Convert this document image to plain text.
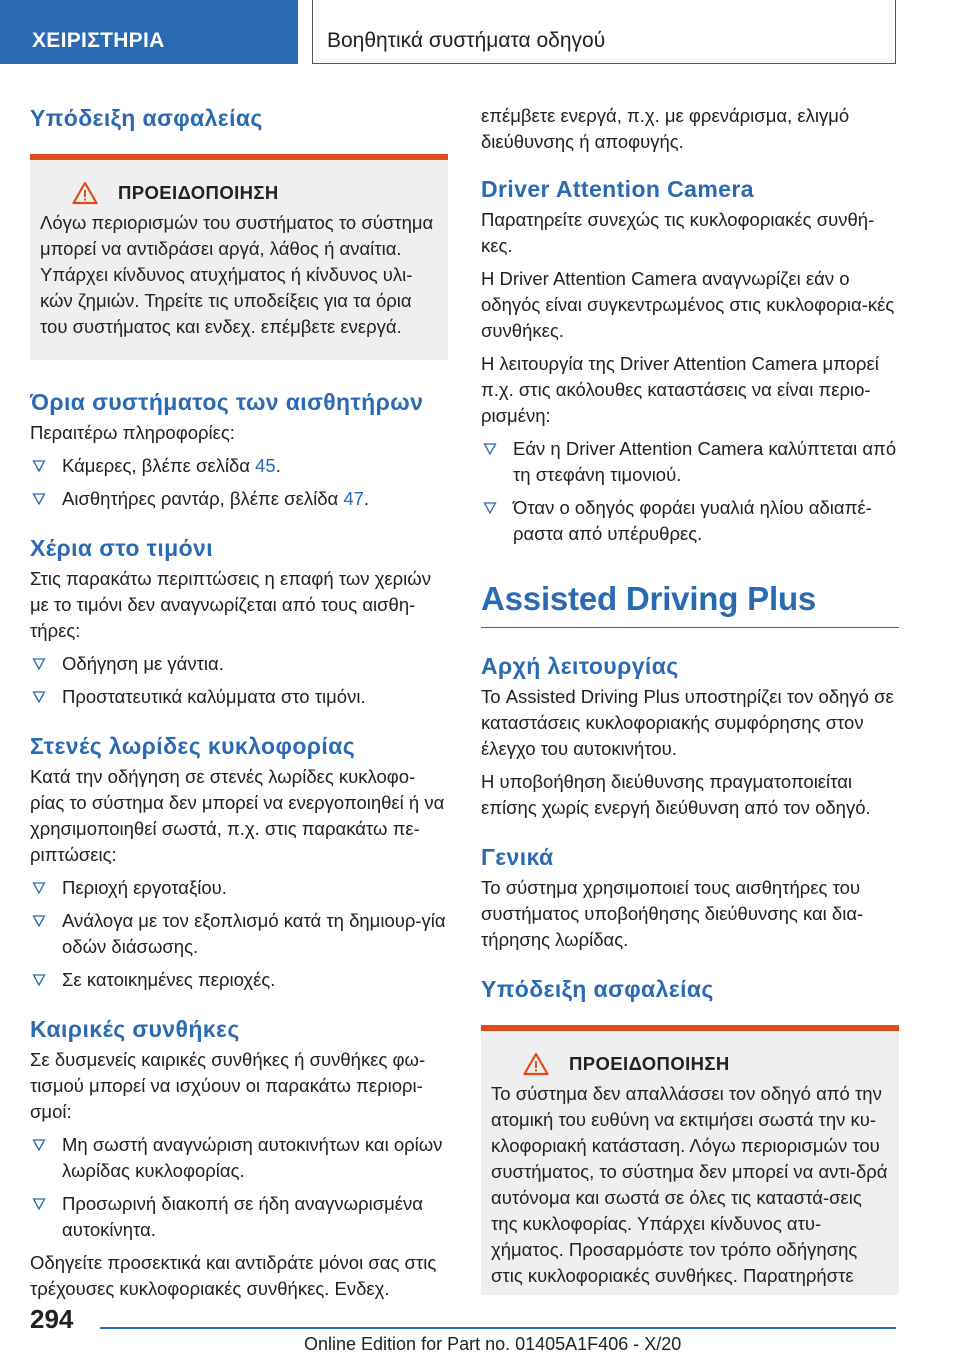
ΧΕΙΡΙΣΤΗΡΙΑ	Βοηθητικά συστήματα οδηγού
Υπόδειξη ασφαλείας
ΠΡΟΕΙΔΟΠΟΙΗΣΗ
Λόγω περιορισμών του συστήματος το σύστημα μπορεί να αντιδράσει αργά, λάθος ή αναίτια. Υπάρχει κίνδυνος ατυχήματος ή κίνδυνος υλι-κών ζημιών. Τηρείτε τις υποδείξεις για τα όρια του συστήματος και ενδεχ. επέμβετε ενεργά.
Όρια συστήματος των αισθητήρων
Περαιτέρω πληροφορίες:
Κάμερες, βλέπε σελίδα 45.
Αισθητήρες ραντάρ, βλέπε σελίδα 47.
Χέρια στο τιμόνι
Στις παρακάτω περιπτώσεις η επαφή των χεριών με το τιμόνι δεν αναγνωρίζεται από τους αισθη-τήρες:
Οδήγηση με γάντια.
Προστατευτικά καλύμματα στο τιμόνι.
Στενές λωρίδες κυκλοφορίας
Κατά την οδήγηση σε στενές λωρίδες κυκλοφο-ρίας το σύστημα δεν μπορεί να ενεργοποιηθεί ή να χρησιμοποιηθεί σωστά, π.χ. στις παρακάτω πε-ριπτώσεις:
Περιοχή εργοταξίου.
Ανάλογα με τον εξοπλισμό κατά τη δημιουρ-γία οδών διάσωσης.
Σε κατοικημένες περιοχές.
Καιρικές συνθήκες
Σε δυσμενείς καιρικές συνθήκες ή συνθήκες φω-τισμού μπορεί να ισχύουν οι παρακάτω περιορι-σμοί:
Μη σωστή αναγνώριση αυτοκινήτων και ορίων λωρίδας κυκλοφορίας.
Προσωρινή διακοπή σε ήδη αναγνωρισμένα αυτοκίνητα.
Οδηγείτε προσεκτικά και αντιδράτε μόνοι σας στις τρέχουσες κυκλοφοριακές συνθήκες. Ενδεχ.
επέμβετε ενεργά, π.χ. με φρενάρισμα, ελιγμό διεύθυνσης ή αποφυγής.
Driver Attention Camera
Παρατηρείτε συνεχώς τις κυκλοφοριακές συνθή-κες.
Η Driver Attention Camera αναγνωρίζει εάν ο οδηγός είναι συγκεντρωμένος στις κυκλοφορια-κές συνθήκες.
Η λειτουργία της Driver Attention Camera μπορεί π.χ. στις ακόλουθες καταστάσεις να είναι περιο-ρισμένη:
Εάν η Driver Attention Camera καλύπτεται από τη στεφάνη τιμονιού.
Όταν ο οδηγός φοράει γυαλιά ηλίου αδιαπέ-ραστα από υπέρυθρες.
Assisted Driving Plus
Αρχή λειτουργίας
Το Assisted Driving Plus υποστηρίζει τον οδηγό σε καταστάσεις κυκλοφοριακής συμφόρησης στον έλεγχο του αυτοκινήτου.
Η υποβοήθηση διεύθυνσης πραγματοποιείται επίσης χωρίς ενεργή διεύθυνση από τον οδηγό.
Γενικά
Το σύστημα χρησιμοποιεί τους αισθητήρες του συστήματος υποβοήθησης διεύθυνσης και δια-τήρησης λωρίδας.
Υπόδειξη ασφαλείας
ΠΡΟΕΙΔΟΠΟΙΗΣΗ
Το σύστημα δεν απαλλάσσει τον οδηγό από την ατομική του ευθύνη να εκτιμήσει σωστά την κυ-κλοφοριακή κατάσταση. Λόγω περιορισμών του συστήματος, το σύστημα δεν μπορεί να αντι-δρά αυτόνομα και σωστά σε όλες τις καταστά-σεις της κυκλοφορίας. Υπάρχει κίνδυνος ατυ-χήματος. Προσαρμόστε τον τρόπο οδήγησης στις κυκλοφοριακές συνθήκες. Παρατηρήστε
294
Online Edition for Part no. 01405A1F406 - X/20
